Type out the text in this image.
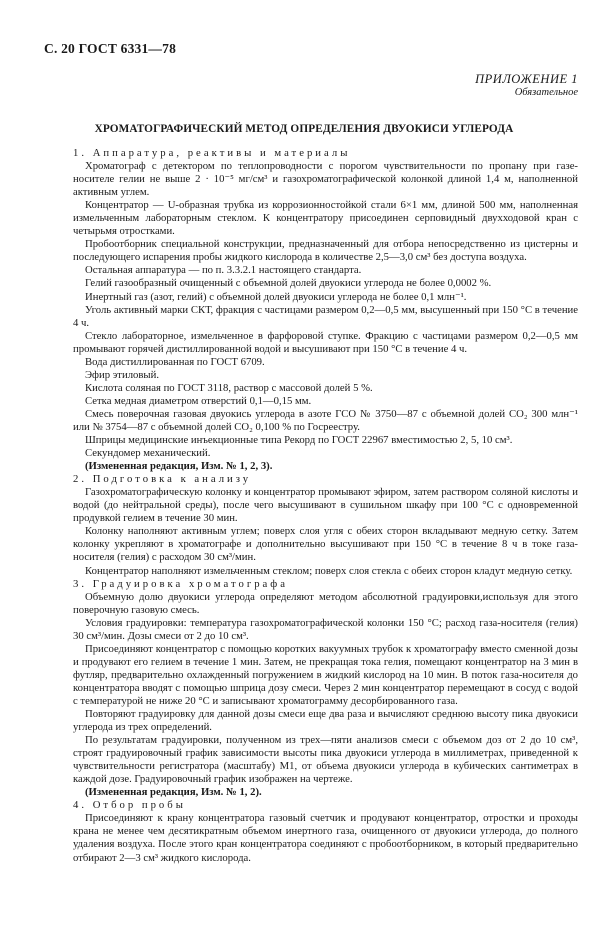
С. 20 ГОСТ 6331—78
ПРИЛОЖЕНИЕ 1
Обязательное
ХРОМАТОГРАФИЧЕСКИЙ МЕТОД ОПРЕДЕЛЕНИЯ ДВУОКИСИ УГЛЕРОДА

1. Аппаратура, реактивы и материалы

Хроматограф с детектором по теплопроводности с порогом чувствительности по пропану при газе-носителе гелии не выше 2 · 10⁻⁵ мг/см³ и газохроматографической колонкой длиной 1,4 м, наполненной активным углем.

Концентратор — U-образная трубка из коррозионностойкой стали 6×1 мм, длиной 500 мм, наполненная измельченным лабораторным стеклом. К концентратору присоединен серповидный двухходовой кран с четырьмя отростками.

Пробоотборник специальной конструкции, предназначенный для отбора непосредственно из цистерны и последующего испарения пробы жидкого кислорода в количестве 2,5—3,0 см³ без доступа воздуха.

Остальная аппаратура — по п. 3.3.2.1 настоящего стандарта.

Гелий газообразный очищенный с объемной долей двуокиси углерода не более 0,0002 %.

Инертный газ (азот, гелий) с объемной долей двуокиси углерода не более 0,1 млн⁻¹.

Уголь активный марки СКТ, фракция с частицами размером 0,2—0,5 мм, высушенный при 150 °С в течение 4 ч.

Стекло лабораторное, измельченное в фарфоровой ступке. Фракцию с частицами размером 0,2—0,5 мм промывают горячей дистиллированной водой и высушивают при 150 °С в течение 4 ч.

Вода дистиллированная по ГОСТ 6709.

Эфир этиловый.

Кислота соляная по ГОСТ 3118, раствор с массовой долей 5 %.

Сетка медная диаметром отверстий 0,1—0,15 мм.

Смесь поверочная газовая двуокись углерода в азоте ГСО № 3750—87 с объемной долей CO₂ 300 млн⁻¹ или № 3754—87 с объемной долей CO₂ 0,100 % по Госреестру.

Шприцы медицинские инъекционные типа Рекорд по ГОСТ 22967 вместимостью 2, 5, 10 см³.

Секундомер механический.

(Измененная редакция, Изм. № 1, 2, 3).

2. Подготовка к анализу

Газохроматографическую колонку и концентратор промывают эфиром, затем раствором соляной кислоты и водой (до нейтральной среды), после чего высушивают в сушильном шкафу при 100 °С с одновременной продувкой гелием в течение 30 мин.

Колонку наполняют активным углем; поверх слоя угля с обеих сторон вкладывают медную сетку. Затем колонку укрепляют в хроматографе и дополнительно высушивают при 150 °С в течение 8 ч в токе газа-носителя (гелия) с расходом 30 см³/мин.

Концентратор наполняют измельченным стеклом; поверх слоя стекла с обеих сторон кладут медную сетку.

3. Градуировка хроматографа

Объемную долю двуокиси углерода определяют методом абсолютной градуировки,используя для этого поверочную газовую смесь.

Условия градуировки: температура газохроматографической колонки 150 °С; расход газа-носителя (гелия) 30 см³/мин. Дозы смеси от 2 до 10 см³.

Присоединяют концентратор с помощью коротких вакуумных трубок к хроматографу вместо сменной дозы и продувают его гелием в течение 1 мин. Затем, не прекращая тока гелия, помещают концентратор на 3 мин в футляр, предварительно охлажденный погружением в жидкий кислород на 10 мин. В поток газа-носителя до концентратора вводят с помощью шприца дозу смеси. Через 2 мин концентратор перемещают в сосуд с водой с температурой не ниже 20 °С и записывают хроматограмму десорбированного газа.

Повторяют градуировку для данной дозы смеси еще два раза и вычисляют среднюю высоту пика двуокиси углерода из трех определений.

По результатам градуировки, полученном из трех—пяти анализов смеси с объемом доз от 2 до 10 см³, строят градуировочный график зависимости высоты пика двуокиси углерода в миллиметрах, приведенной к чувствительности регистратора (масштабу) М1, от объема двуокиси углерода в кубических сантиметрах в каждой дозе. Градуировочный график изображен на чертеже.

(Измененная редакция, Изм. № 1, 2).

4. Отбор пробы

Присоединяют к крану концентратора газовый счетчик и продувают концентратор, отростки и проходы крана не менее чем десятикратным объемом инертного газа, очищенного от двуокиси углерода, до полного удаления воздуха. После этого кран концентратора соединяют с пробоотборником, в который предварительно отбирают 2—3 см³ жидкого кислорода.
